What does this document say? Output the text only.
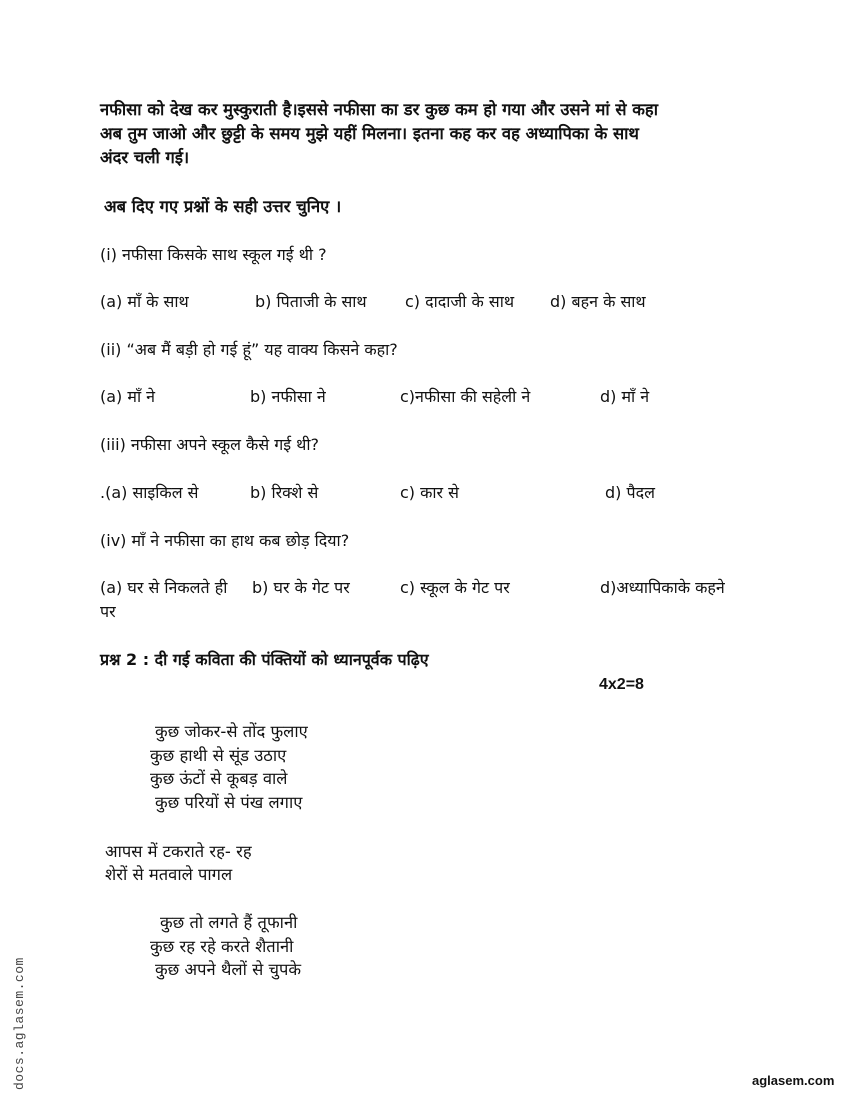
नफीसा को देख कर मुस्कुराती है।इससे नफीसा का डर कुछ कम हो गया और उसने मां से कहा
अब तुम जाओ और छुट्टी के समय मुझे यहीं मिलना। इतना कह कर वह अध्यापिका के साथ
अंदर चली गई।
अब दिए गए प्रश्नों के सही उत्तर चुनिए ।
(i) नफीसा किसके साथ स्कूल गई थी ?
(a) माँ के साथ	b) पिताजी के साथ c) दादाजी के साथ d) बहन के साथ
(ii) “अब मैं बड़ी हो गई हूं” यह वाक्य किसने कहा?
(a) माँ ने	b) नफीसा ने	c)नफीसा की सहेली ने	d) माँ ने
(iii) नफीसा अपने स्कूल कैसे गई थी?
.(a) साइकिल से	b) रिक्शे से	c) कार से	d) पैदल
(iv) माँ ने नफीसा का हाथ कब छोड़ दिया?
(a) घर से निकलते ही b) घर के गेट पर	c) स्कूल के गेट पर	d)अध्यापिकाके कहने
पर
प्रश्न 2 : दी गई कविता की पंक्तियों को ध्यानपूर्वक पढ़िए
4x2=8
कुछ जोकर-से तोंद फुलाए
कुछ हाथी से सूंड उठाए
कुछ ऊंटों से कूबड़ वाले
कुछ परियों से पंख लगाए
आपस में टकराते रह- रह
शेरों से मतवाले पागल
कुछ तो लगते हैं तूफानी
कुछ रह रहे करते शैतानी
कुछ अपने थैलों से चुपके
docs.aglasem.com	aglasem.com
